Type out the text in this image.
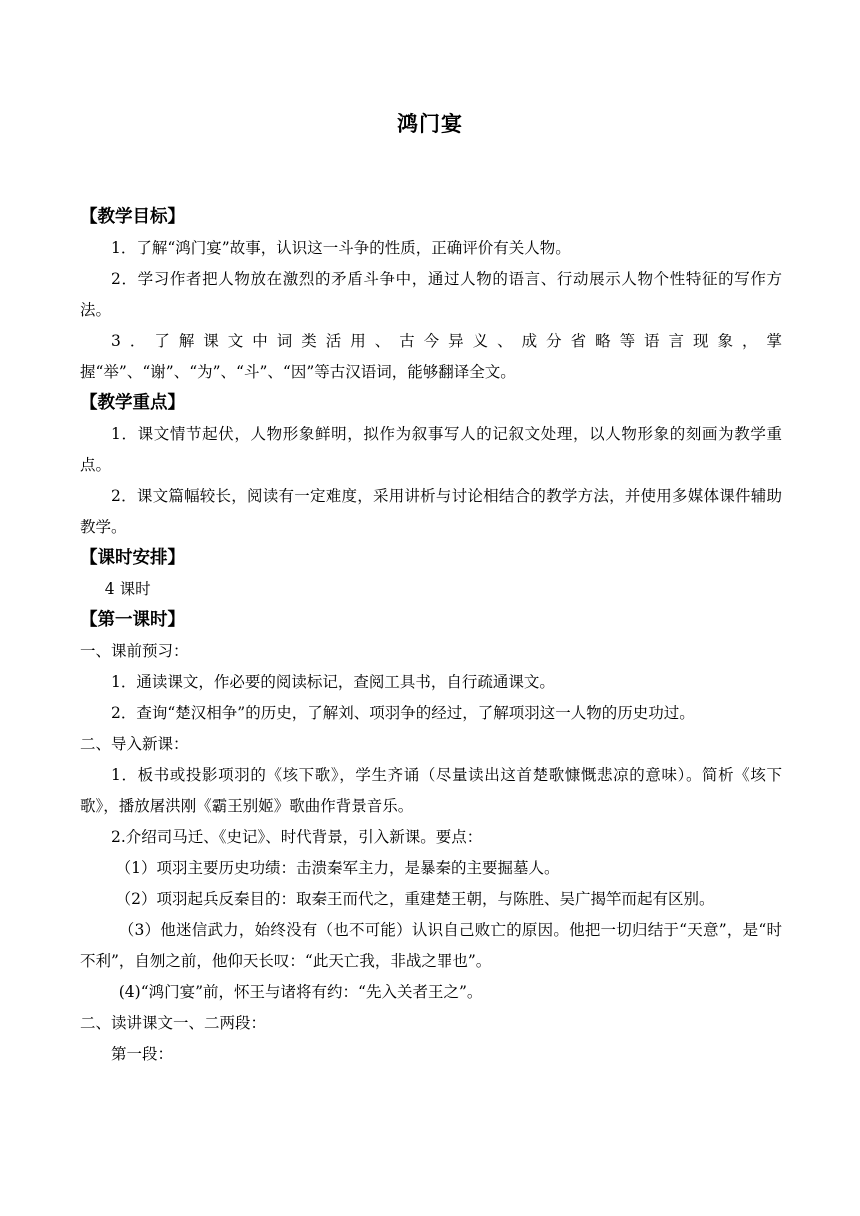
鸿门宴

【教学目标】

1．了解“鸿门宴”故事，认识这一斗争的性质，正确评价有关人物。

2．学习作者把人物放在激烈的矛盾斗争中，通过人物的语言、行动展示人物个性特征的写作方法。

3．了解课文中词类活用、古今异义、成分省略等语言现象，掌握“举”、“谢”、“为”、“斗”、“因”等古汉语词，能够翻译全文。

【教学重点】

1．课文情节起伏，人物形象鲜明，拟作为叙事写人的记叙文处理，以人物形象的刻画为教学重点。

2．课文篇幅较长，阅读有一定难度，采用讲析与讨论相结合的教学方法，并使用多媒体课件辅助教学。

【课时安排】

4 课时

【第一课时】

一、课前预习：

1．通读课文，作必要的阅读标记，查阅工具书，自行疏通课文。

2．查询“楚汉相争”的历史，了解刘、项羽争的经过，了解项羽这一人物的历史功过。

二、导入新课：

1．板书或投影项羽的《垓下歌》，学生齐诵（尽量读出这首楚歌慷慨悲凉的意味）。简析《垓下歌》，播放屠洪刚《霸王别姬》歌曲作背景音乐。

2.介绍司马迁、《史记》、时代背景，引入新课。要点：

（1）项羽主要历史功绩：击溃秦军主力，是暴秦的主要掘墓人。

（2）项羽起兵反秦目的：取秦王而代之，重建楚王朝，与陈胜、吴广揭竿而起有区别。

（3）他迷信武力，始终没有（也不可能）认识自己败亡的原因。他把一切归结于“天意”，是“时不利”，自刎之前，他仰天长叹：“此天亡我，非战之罪也”。

(4)“鸿门宴”前，怀王与诸将有约：“先入关者王之”。

二、读讲课文一、二两段：

第一段：
